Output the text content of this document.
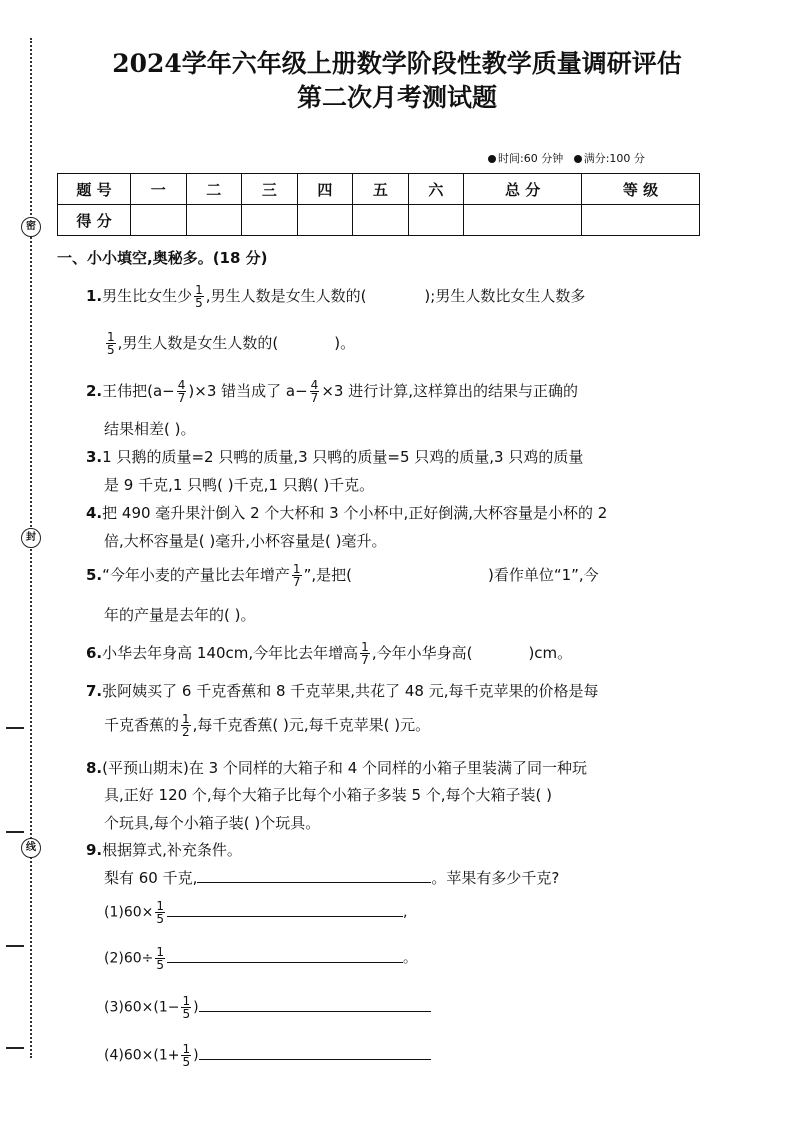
密
封
线
2024学年六年级上册数学阶段性教学质量调研评估
第二次月考测试题
时间:60 分钟 满分:100 分
题 号	一	二	三	四	五	六	总 分	等 级
得 分								
一、小小填空,奥秘多。(18 分)
1.男生比女生少 $\frac{1}{5}$ ,男生人数是女生人数的(	);男生人数比女生人数多
$\frac{1}{5}$ ,男生人数是女生人数的(	)。
2.王伟把$(a- \frac{4}{7} )\times 3$ 错当成了 $a- \frac{4}{7} \times 3$ 进行计算,这样算出的结果与正确的
结果相差( )。
3.1 只鹅的质量=2 只鸭的质量,3 只鸭的质量=5 只鸡的质量,3 只鸡的质量
是 9 千克,1 只鸭( )千克,1 只鹅( )千克。
4.把 490 毫升果汁倒入 2 个大杯和 3 个小杯中,正好倒满,大杯容量是小杯的 2
倍,大杯容量是( )毫升,小杯容量是( )毫升。
5.“今年小麦的产量比去年增产 $\frac{1}{7}$ ”,是把(	)看作单位“1”,今
年的产量是去年的( )。
6.小华去年身高 140cm,今年比去年增高 $\frac{1}{7}$ ,今年小华身高(	)cm。
7.张阿姨买了 6 千克香蕉和 8 千克苹果,共花了 48 元,每千克苹果的价格是每
千克香蕉的 $\frac{1}{2}$ ,每千克香蕉( )元,每千克苹果( )元。
8.(平预山期末)在 3 个同样的大箱子和 4 个同样的小箱子里装满了同一种玩
具,正好 120 个,每个大箱子比每个小箱子多装 5 个,每个大箱子装( )
个玩具,每个小箱子装( )个玩具。
9.根据算式,补充条件。
梨有 60 千克,	。苹果有多少千克?
$(1)60\times \frac{1}{5}$	,
$(2)60\div \frac{1}{5}$	。
$(3)60\times(1- \frac{1}{5}$ )
$(4)60\times(1+ \frac{1}{5}$ )
